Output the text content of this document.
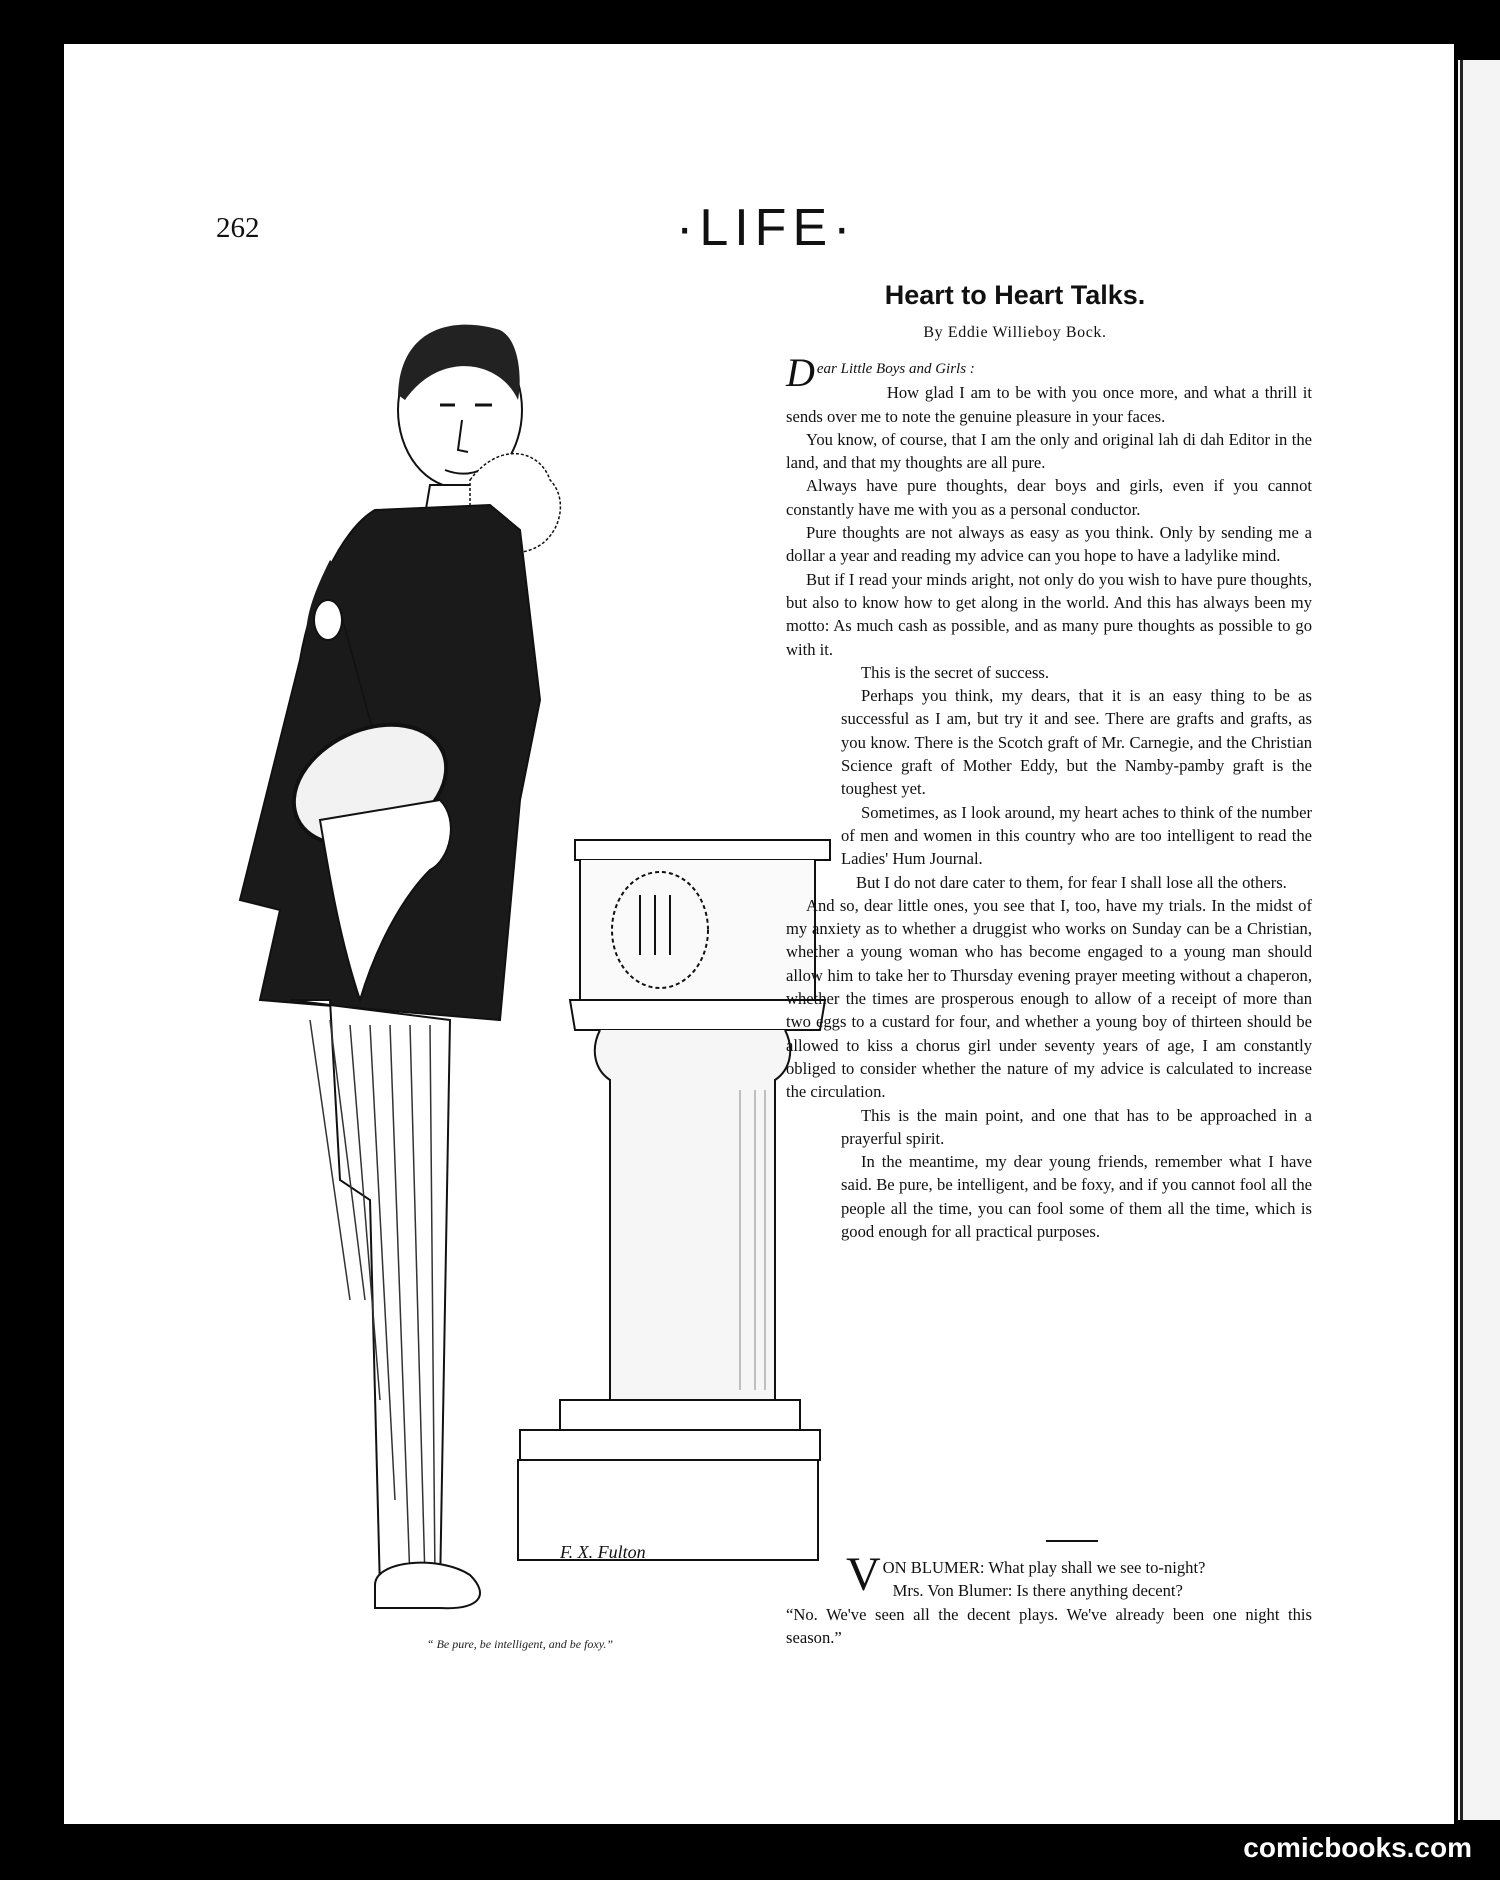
262	·LIFE·
F. X. Fulton
“ Be pure, be intelligent, and be foxy.”
Heart to Heart Talks.
By Eddie Willieboy Bock.

D ear Little Boys and Girls :

How glad I am to be with you once more, and what a thrill it sends over me to note the genuine pleasure in your faces.

You know, of course, that I am the only and original lah di dah Editor in the land, and that my thoughts are all pure.

Always have pure thoughts, dear boys and girls, even if you cannot constantly have me with you as a personal conductor.

Pure thoughts are not always as easy as you think. Only by sending me a dollar a year and reading my advice can you hope to have a ladylike mind.

But if I read your minds aright, not only do you wish to have pure thoughts, but also to know how to get along in the world. And this has always been my motto: As much cash as possible, and as many pure thoughts as possible to go with it.

This is the secret of success.

Perhaps you think, my dears, that it is an easy thing to be as successful as I am, but try it and see. There are grafts and grafts, as you know. There is the Scotch graft of Mr. Carnegie, and the Christian Science graft of Mother Eddy, but the Namby-pamby graft is the toughest yet.

Sometimes, as I look around, my heart aches to think of the number of men and women in this country who are too intelligent to read the Ladies' Hum Journal.

But I do not dare cater to them, for fear I shall lose all the others.

And so, dear little ones, you see that I, too, have my trials. In the midst of my anxiety as to whether a druggist who works on Sunday can be a Christian, whether a young woman who has become engaged to a young man should allow him to take her to Thursday evening prayer meeting without a chaperon, whether the times are prosperous enough to allow of a receipt of more than two eggs to a custard for four, and whether a young boy of thirteen should be allowed to kiss a chorus girl under seventy years of age, I am constantly obliged to consider whether the nature of my advice is calculated to increase the circulation.

This is the main point, and one that has to be approached in a prayerful spirit.

In the meantime, my dear young friends, remember what I have said. Be pure, be intelligent, and be foxy, and if you cannot fool all the people all the time, you can fool some of them all the time, which is good enough for all practical purposes.

V ON BLUMER: What play shall we see to-night?
Mrs. Von Blumer: Is there anything decent?
“No. We've seen all the decent plays. We've already been one night this season.”
comicbooks.com
